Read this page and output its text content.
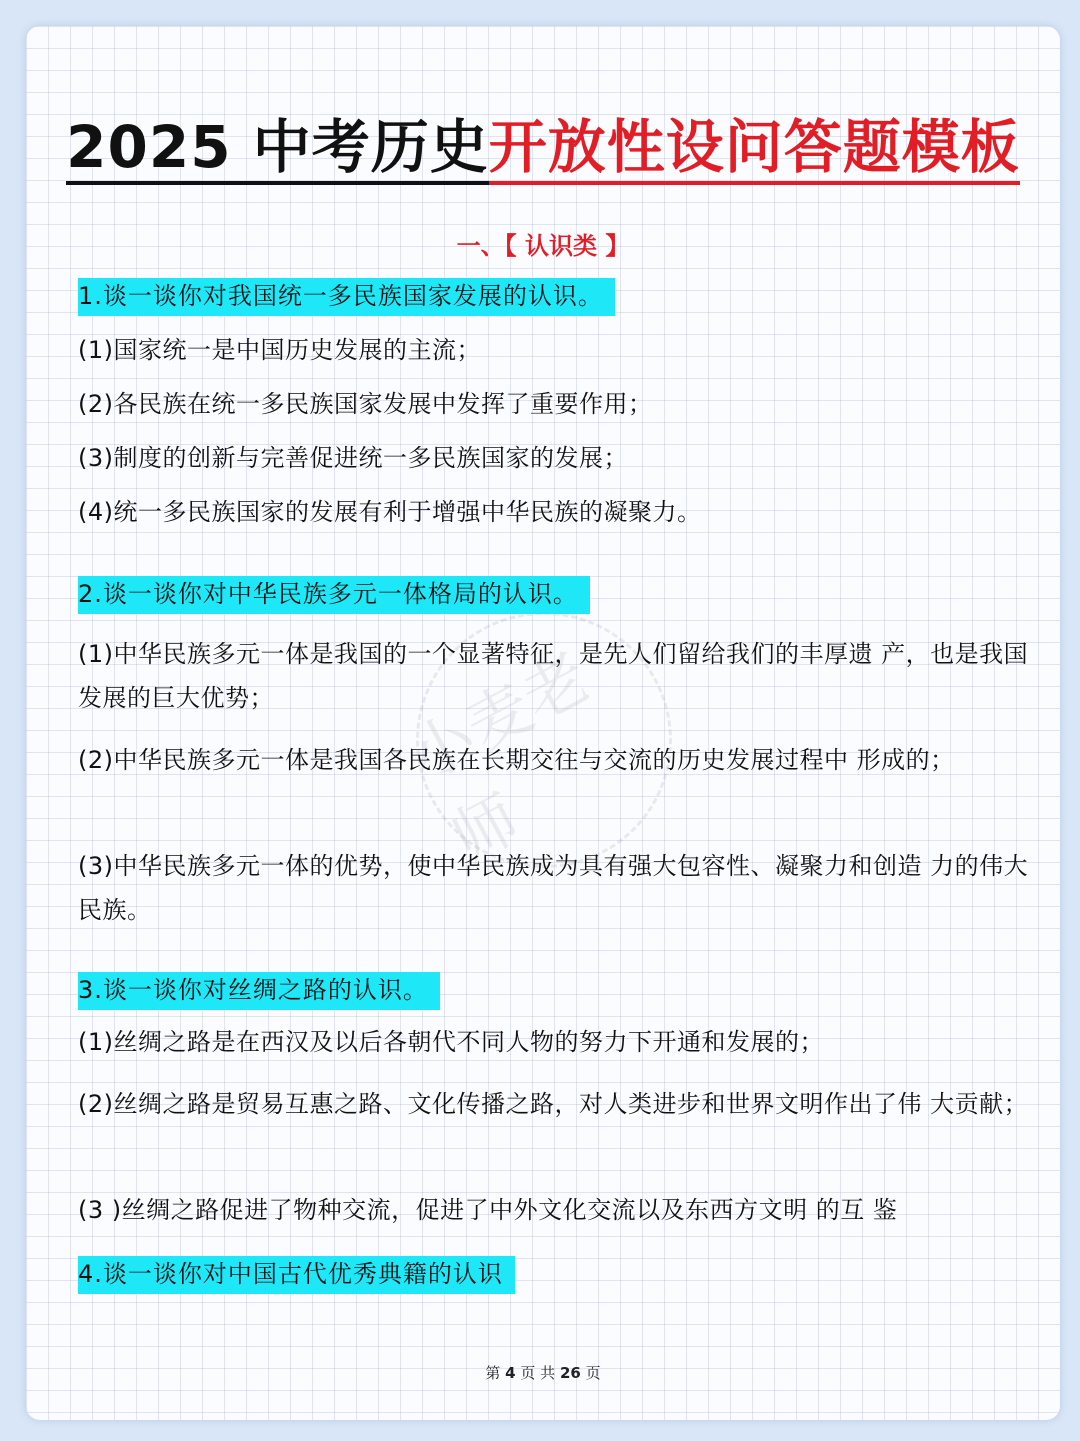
2025 中考历史开放性设问答题模板
一、【 认识类 】
小麦老师
1.谈一谈你对我国统一多民族国家发展的认识。
(1)国家统一是中国历史发展的主流；
(2)各民族在统一多民族国家发展中发挥了重要作用；
(3)制度的创新与完善促进统一多民族国家的发展；
(4)统一多民族国家的发展有利于增强中华民族的凝聚力。
2.谈一谈你对中华民族多元一体格局的认识。
(1)中华民族多元一体是我国的一个显著特征，是先人们留给我们的丰厚遗 产，也是我国发展的巨大优势；
(2)中华民族多元一体是我国各民族在长期交往与交流的历史发展过程中 形成的；
(3)中华民族多元一体的优势，使中华民族成为具有强大包容性、凝聚力和创造 力的伟大民族。
3.谈一谈你对丝绸之路的认识。
(1)丝绸之路是在西汉及以后各朝代不同人物的努力下开通和发展的；
(2)丝绸之路是贸易互惠之路、文化传播之路，对人类进步和世界文明作出了伟 大贡献；
(3 )丝绸之路促进了物种交流，促进了中外文化交流以及东西方文明 的互 鉴
4.谈一谈你对中国古代优秀典籍的认识
第 4 页 共 26 页
